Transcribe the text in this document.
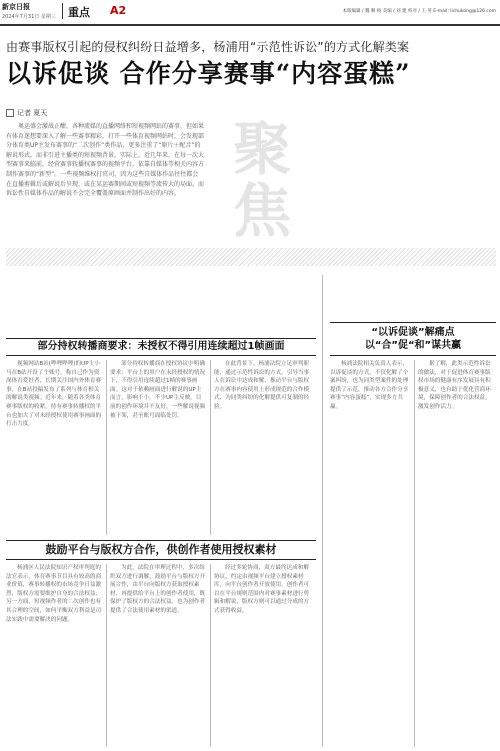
新京日报
2024年7月31日 星期三 重点 A2	本版编辑 / 魏 顺 杨 美编 / 刘 建 校对 / 王 英 E-mail: lichukong@126.com
由赛事版权引起的侵权纠纷日益增多，杨浦用“示范性诉讼”的方式化解类案
以诉促谈 合作分享赛事“内容蛋糕”
记者 夏天
奥运盛会激战正酣，各种流媒的直播网络和短视频网站的赛事，但如果有体育迷想要深入了解一些赛事精彩，打开一些体育视频网站时，会发现部分体育类UP主发布赛事的“二次创作”类作品，更多注重了“原片＋配音”的解说形式，而非引进主播类的短视频背景。实际上，近几年来，在每一次大型赛事来临前，经营赛事转播权赛事的视频平台，依靠自媒体等相关内容方制作赛事的“新型”。一些视频维权打官司，因为这些自媒体作品往往都会在直播剪辑后或解说后呈现，或在某运赛期间或短视频等流传大的局面。而诉讼性自媒体作品的解说不会完全覆盖原画面并制作出好的内容。 聚焦
部分持权转播商要求：未授权不得引用连续超过1帧画面
视频网站B站(哔哩哔哩)的UP主小马在B站开设了个账号，称自己作为资深体育爱好者，长期关注国内外体育赛事，在B站投稿发布了系列与体育相关的解说类视频。近年来，随着各类体育赛事版权的收紧，持有赛事转播权的平台也加大了对未经授权使用赛事画面的打击力度。
部分持权转播商在授权协议中明确要求：平台上的用户在未经授权的情况下，不得引用连续超过1帧的赛事画面。这对于依赖画面进行解说的UP主而言，影响不小。不少UP主反映，目前的创作环境并不友好，一些解说视频被下架，甚至账号面临处罚。
在此背景下，杨浦法院立足审判职能，通过示范性诉讼的方式，引导当事人在诉讼中达成和解，推动平台与版权方在赛事内容使用上形成规范的合作模式，为同类纠纷的化解提供可复制的经验。
鼓励平台与版权方合作，供创作者使用授权素材
杨浦区人民法院知识产权审判庭的法官表示，体育赛事节目具有较高的商业价值，赛事转播权的市场竞争日益激烈，版权方需要维护自身的合法权益；另一方面，短视频作者的二次创作也有其合理的空间，如何平衡双方利益是司法实践中需要解决的问题。
为此，法院在审理过程中，多次组织双方进行调解，鼓励平台与版权方开展合作，由平台向版权方获取授权素材，再提供给平台上的创作者使用，既保护了版权方的合法权益，也为创作者提供了合法使用素材的渠道。
经过多轮协商，双方最终达成和解协议，约定由视频平台建立授权素材库，向平台创作者开放使用，创作者可以在平台规则范围内对赛事素材进行剪辑和解说，版权方则可以通过分成的方式获得收益。
“以诉促谈”解痛点
以“合”促“和”谋共赢
杨浦法院相关负责人表示，以诉促谈的方式，不仅化解了个案纠纷，也为同类型案件的处理提供了示范，推动各方合作分享赛事“内容蛋糕”，实现多方共赢。
据了解，此类示范性诉讼的做法，对于促进体育赛事版权市场的健康有序发展具有积极意义，也有助于优化营商环境，保障创作者的合法权益，激发创作活力。
